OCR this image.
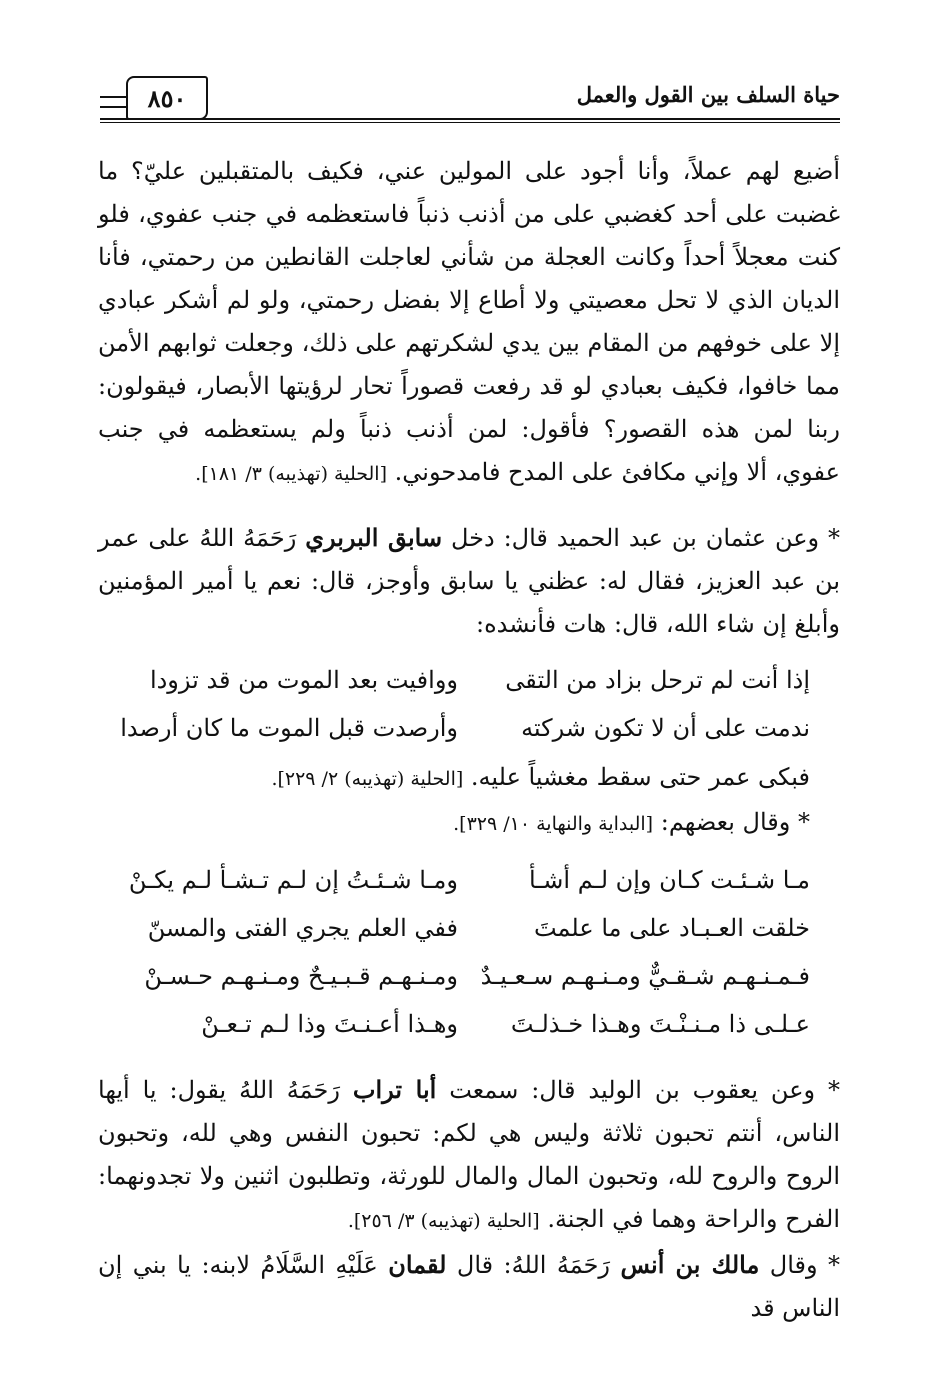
حياة السلف بين القول والعمل
٨٥٠

أضيع لهم عملاً، وأنا أجود على المولين عني، فكيف بالمتقبلين عليّ؟ ما غضبت على أحد كغضبي على من أذنب ذنباً فاستعظمه في جنب عفوي، فلو كنت معجلاً أحداً وكانت العجلة من شأني لعاجلت القانطين من رحمتي، فأنا الديان الذي لا تحل معصيتي ولا أطاع إلا بفضل رحمتي، ولو لم أشكر عبادي إلا على خوفهم من المقام بين يدي لشكرتهم على ذلك، وجعلت ثوابهم الأمن مما خافوا، فكيف بعبادي لو قد رفعت قصوراً تحار لرؤيتها الأبصار، فيقولون: ربنا لمن هذه القصور؟ فأقول: لمن أذنب ذنباً ولم يستعظمه في جنب عفوي، ألا وإني مكافئ على المدح فامدحوني. [الحلية (تهذيبه) ٣/ ١٨١].

* وعن عثمان بن عبد الحميد قال: دخل سابق البربري رَحَمَهُ اللهُ على عمر بن عبد العزيز، فقال له: عظني يا سابق وأوجز، قال: نعم يا أمير المؤمنين وأبلغ إن شاء الله، قال: هات فأنشده:

إذا أنت لم ترحل بزاد من التقى
ووافيت بعد الموت من قد تزودا
ندمت على أن لا تكون شركته
وأرصدت قبل الموت ما كان أرصدا

فبكى عمر حتى سقط مغشياً عليه. [الحلية (تهذيبه) ٢/ ٢٢٩].

* وقال بعضهم: [البداية والنهاية ١٠/ ٣٢٩].

مـا شـئـت كـان وإن لـم أشـأ
ومـا شـئـتُ إن لـم تـشـأ لـم يكـنْ
خلقت العـبـاد على ما علمتَ
ففي العلم يجري الفتى والمسنّ
فـمـنـهـم شـقـيٌّ ومـنـهـم سـعـيـدٌ
ومـنـهـم قـبـيـحٌ ومـنـهـم حـسـنْ
عـلـى ذا مـنـنْـتَ وهـذا خـذلـتَ
وهـذا أعـنـتَ وذا لـم تـعـنْ

* وعن يعقوب بن الوليد قال: سمعت أبا تراب رَحَمَهُ اللهُ يقول: يا أيها الناس، أنتم تحبون ثلاثة وليس هي لكم: تحبون النفس وهي لله، وتحبون الروح والروح لله، وتحبون المال والمال للورثة، وتطلبون اثنين ولا تجدونهما: الفرح والراحة وهما في الجنة. [الحلية (تهذيبه) ٣/ ٢٥٦].

* وقال مالك بن أنس رَحَمَهُ اللهُ: قال لقمان عَلَيْهِ السَّلَامُ لابنه: يا بني إن الناس قد
